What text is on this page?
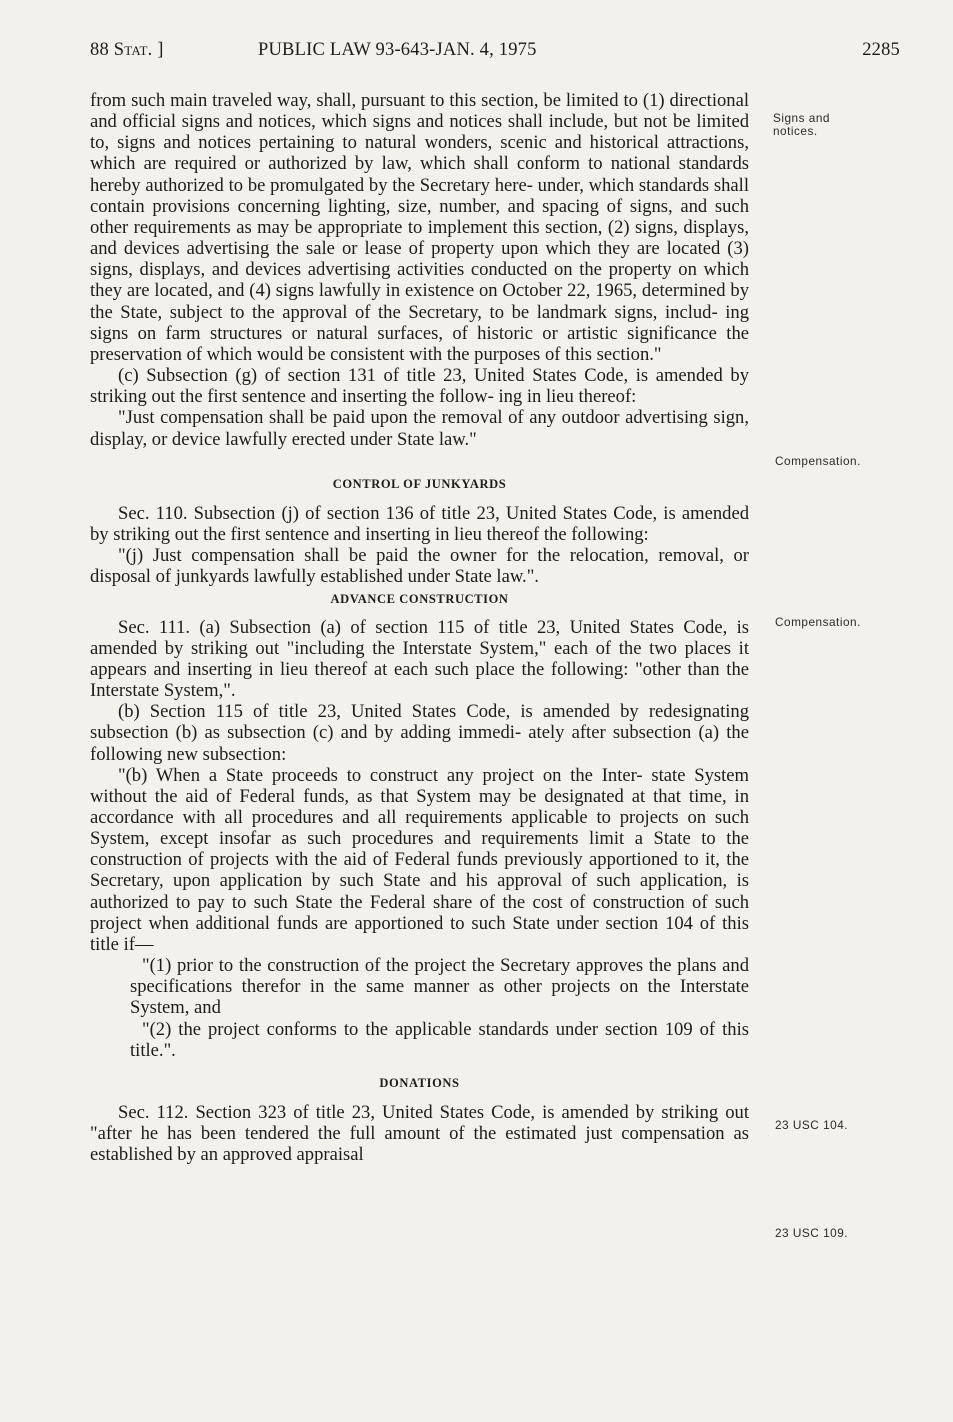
88 Stat. ]	PUBLIC LAW 93-643-JAN. 4, 1975	2285

from such main traveled way, shall, pursuant to this section, be limited to (1) directional and official signs and notices, which signs and notices shall include, but not be limited to, signs and notices pertaining to natural wonders, scenic and historical attractions, which are required or authorized by law, which shall conform to national standards hereby authorized to be promulgated by the Secretary here- under, which standards shall contain provisions concerning lighting, size, number, and spacing of signs, and such other requirements as may be appropriate to implement this section, (2) signs, displays, and devices advertising the sale or lease of property upon which they are located (3) signs, displays, and devices advertising activities conducted on the property on which they are located, and (4) signs lawfully in existence on October 22, 1965, determined by the State, subject to the approval of the Secretary, to be landmark signs, includ- ing signs on farm structures or natural surfaces, of historic or artistic significance the preservation of which would be consistent with the purposes of this section."

(c) Subsection (g) of section 131 of title 23, United States Code, is amended by striking out the first sentence and inserting the follow- ing in lieu thereof:

"Just compensation shall be paid upon the removal of any outdoor advertising sign, display, or device lawfully erected under State law."

CONTROL OF JUNKYARDS

Sec. 110. Subsection (j) of section 136 of title 23, United States Code, is amended by striking out the first sentence and inserting in lieu thereof the following:

"(j) Just compensation shall be paid the owner for the relocation, removal, or disposal of junkyards lawfully established under State law.".

ADVANCE CONSTRUCTION

Sec. 111. (a) Subsection (a) of section 115 of title 23, United States Code, is amended by striking out "including the Interstate System," each of the two places it appears and inserting in lieu thereof at each such place the following: "other than the Interstate System,".

(b) Section 115 of title 23, United States Code, is amended by redesignating subsection (b) as subsection (c) and by adding immedi- ately after subsection (a) the following new subsection:

"(b) When a State proceeds to construct any project on the Inter- state System without the aid of Federal funds, as that System may be designated at that time, in accordance with all procedures and all requirements applicable to projects on such System, except insofar as such procedures and requirements limit a State to the construction of projects with the aid of Federal funds previously apportioned to it, the Secretary, upon application by such State and his approval of such application, is authorized to pay to such State the Federal share of the cost of construction of such project when additional funds are apportioned to such State under section 104 of this title if—

"(1) prior to the construction of the project the Secretary approves the plans and specifications therefor in the same manner as other projects on the Interstate System, and

"(2) the project conforms to the applicable standards under section 109 of this title.".

DONATIONS

Sec. 112. Section 323 of title 23, United States Code, is amended by striking out "after he has been tendered the full amount of the estimated just compensation as established by an approved appraisal

Signs and notices.
Compensation.
Compensation.
23 USC 104.
23 USC 109.
